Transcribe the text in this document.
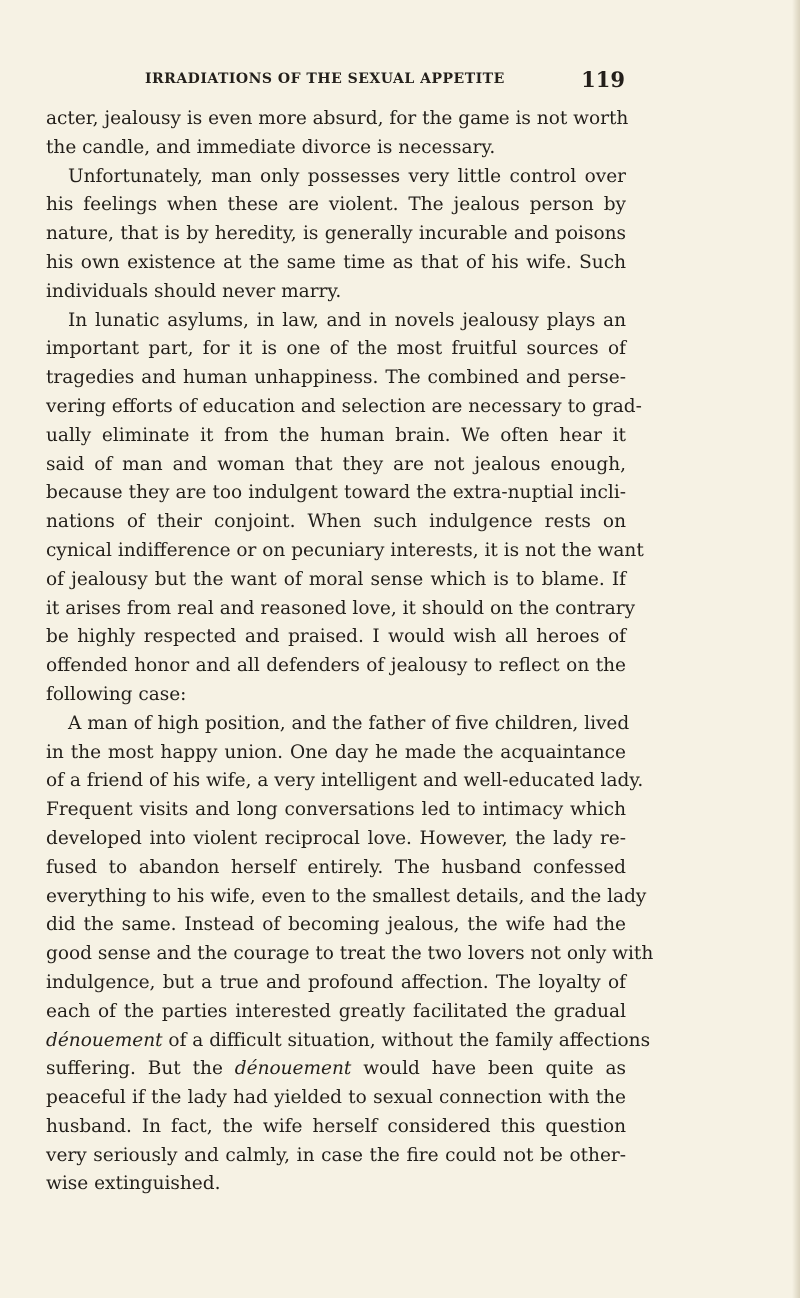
IRRADIATIONS OF THE SEXUAL APPETITE	119
acter, jealousy is even more absurd, for the game is not worth
the candle, and immediate divorce is necessary.
Unfortunately, man only possesses very little control over
his feelings when these are violent. The jealous person by
nature, that is by heredity, is generally incurable and poisons
his own existence at the same time as that of his wife. Such
individuals should never marry.
In lunatic asylums, in law, and in novels jealousy plays an
important part, for it is one of the most fruitful sources of
tragedies and human unhappiness. The combined and perse-
vering efforts of education and selection are necessary to grad-
ually eliminate it from the human brain. We often hear it
said of man and woman that they are not jealous enough,
because they are too indulgent toward the extra-nuptial incli-
nations of their conjoint. When such indulgence rests on
cynical indifference or on pecuniary interests, it is not the want
of jealousy but the want of moral sense which is to blame. If
it arises from real and reasoned love, it should on the contrary
be highly respected and praised. I would wish all heroes of
offended honor and all defenders of jealousy to reflect on the
following case:
A man of high position, and the father of five children, lived
in the most happy union. One day he made the acquaintance
of a friend of his wife, a very intelligent and well-educated lady.
Frequent visits and long conversations led to intimacy which
developed into violent reciprocal love. However, the lady re-
fused to abandon herself entirely. The husband confessed
everything to his wife, even to the smallest details, and the lady
did the same. Instead of becoming jealous, the wife had the
good sense and the courage to treat the two lovers not only with
indulgence, but a true and profound affection. The loyalty of
each of the parties interested greatly facilitated the gradual
dénouement of a difficult situation, without the family affections
suffering. But the dénouement would have been quite as
peaceful if the lady had yielded to sexual connection with the
husband. In fact, the wife herself considered this question
very seriously and calmly, in case the fire could not be other-
wise extinguished.
